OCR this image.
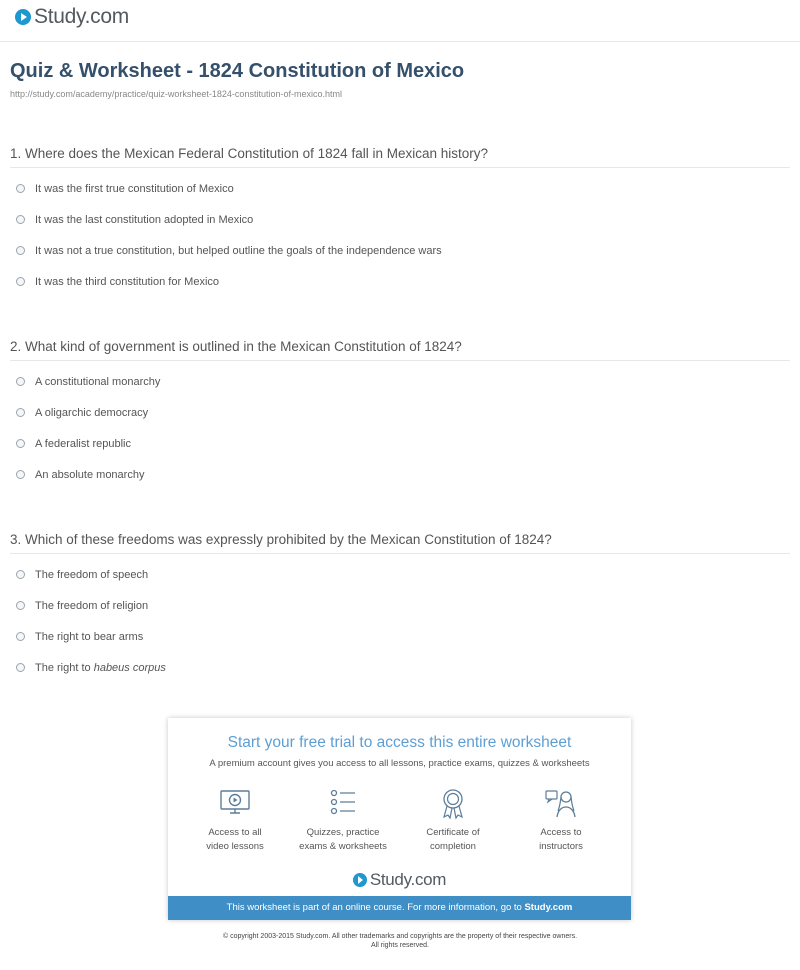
Study.com
Quiz & Worksheet - 1824 Constitution of Mexico
http://study.com/academy/practice/quiz-worksheet-1824-constitution-of-mexico.html
1. Where does the Mexican Federal Constitution of 1824 fall in Mexican history?
It was the first true constitution of Mexico
It was the last constitution adopted in Mexico
It was not a true constitution, but helped outline the goals of the independence wars
It was the third constitution for Mexico
2. What kind of government is outlined in the Mexican Constitution of 1824?
A constitutional monarchy
A oligarchic democracy
A federalist republic
An absolute monarchy
3. Which of these freedoms was expressly prohibited by the Mexican Constitution of 1824?
The freedom of speech
The freedom of religion
The right to bear arms
The right to habeus corpus
Start your free trial to access this entire worksheet
A premium account gives you access to all lessons, practice exams, quizzes & worksheets
Access to all
video lessons
Quizzes, practice
exams & worksheets
Certificate of
completion
Access to
instructors
Study.com
This worksheet is part of an online course. For more information, go to Study.com
© copyright 2003-2015 Study.com. All other trademarks and copyrights are the property of their respective owners.
All rights reserved.
